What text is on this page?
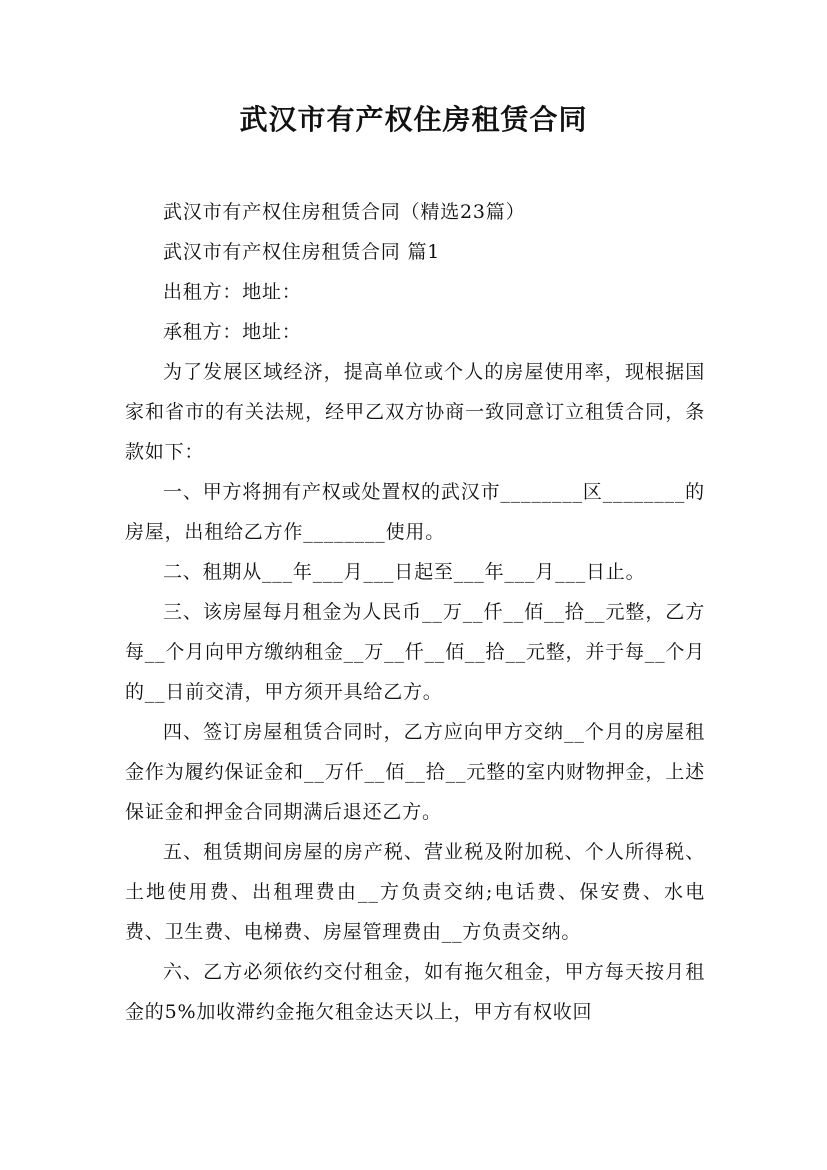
武汉市有产权住房租赁合同

武汉市有产权住房租赁合同（精选23篇）

武汉市有产权住房租赁合同 篇1

出租方：地址：

承租方：地址：

为了发展区域经济，提高单位或个人的房屋使用率，现根据国家和省市的有关法规，经甲乙双方协商一致同意订立租赁合同，条款如下：

一、甲方将拥有产权或处置权的武汉市________区________的房屋，出租给乙方作________使用。

二、租期从___年___月___日起至___年___月___日止。

三、该房屋每月租金为人民币__万__仟__佰__拾__元整，乙方每__个月向甲方缴纳租金__万__仟__佰__拾__元整，并于每__个月的__日前交清，甲方须开具给乙方。

四、签订房屋租赁合同时，乙方应向甲方交纳__个月的房屋租金作为履约保证金和__万仟__佰__拾__元整的室内财物押金，上述保证金和押金合同期满后退还乙方。

五、租赁期间房屋的房产税、营业税及附加税、个人所得税、土地使用费、出租理费由__方负责交纳;电话费、保安费、水电费、卫生费、电梯费、房屋管理费由__方负责交纳。

六、乙方必须依约交付租金，如有拖欠租金，甲方每天按月租金的5%加收滞约金拖欠租金达天以上，甲方有权收回
